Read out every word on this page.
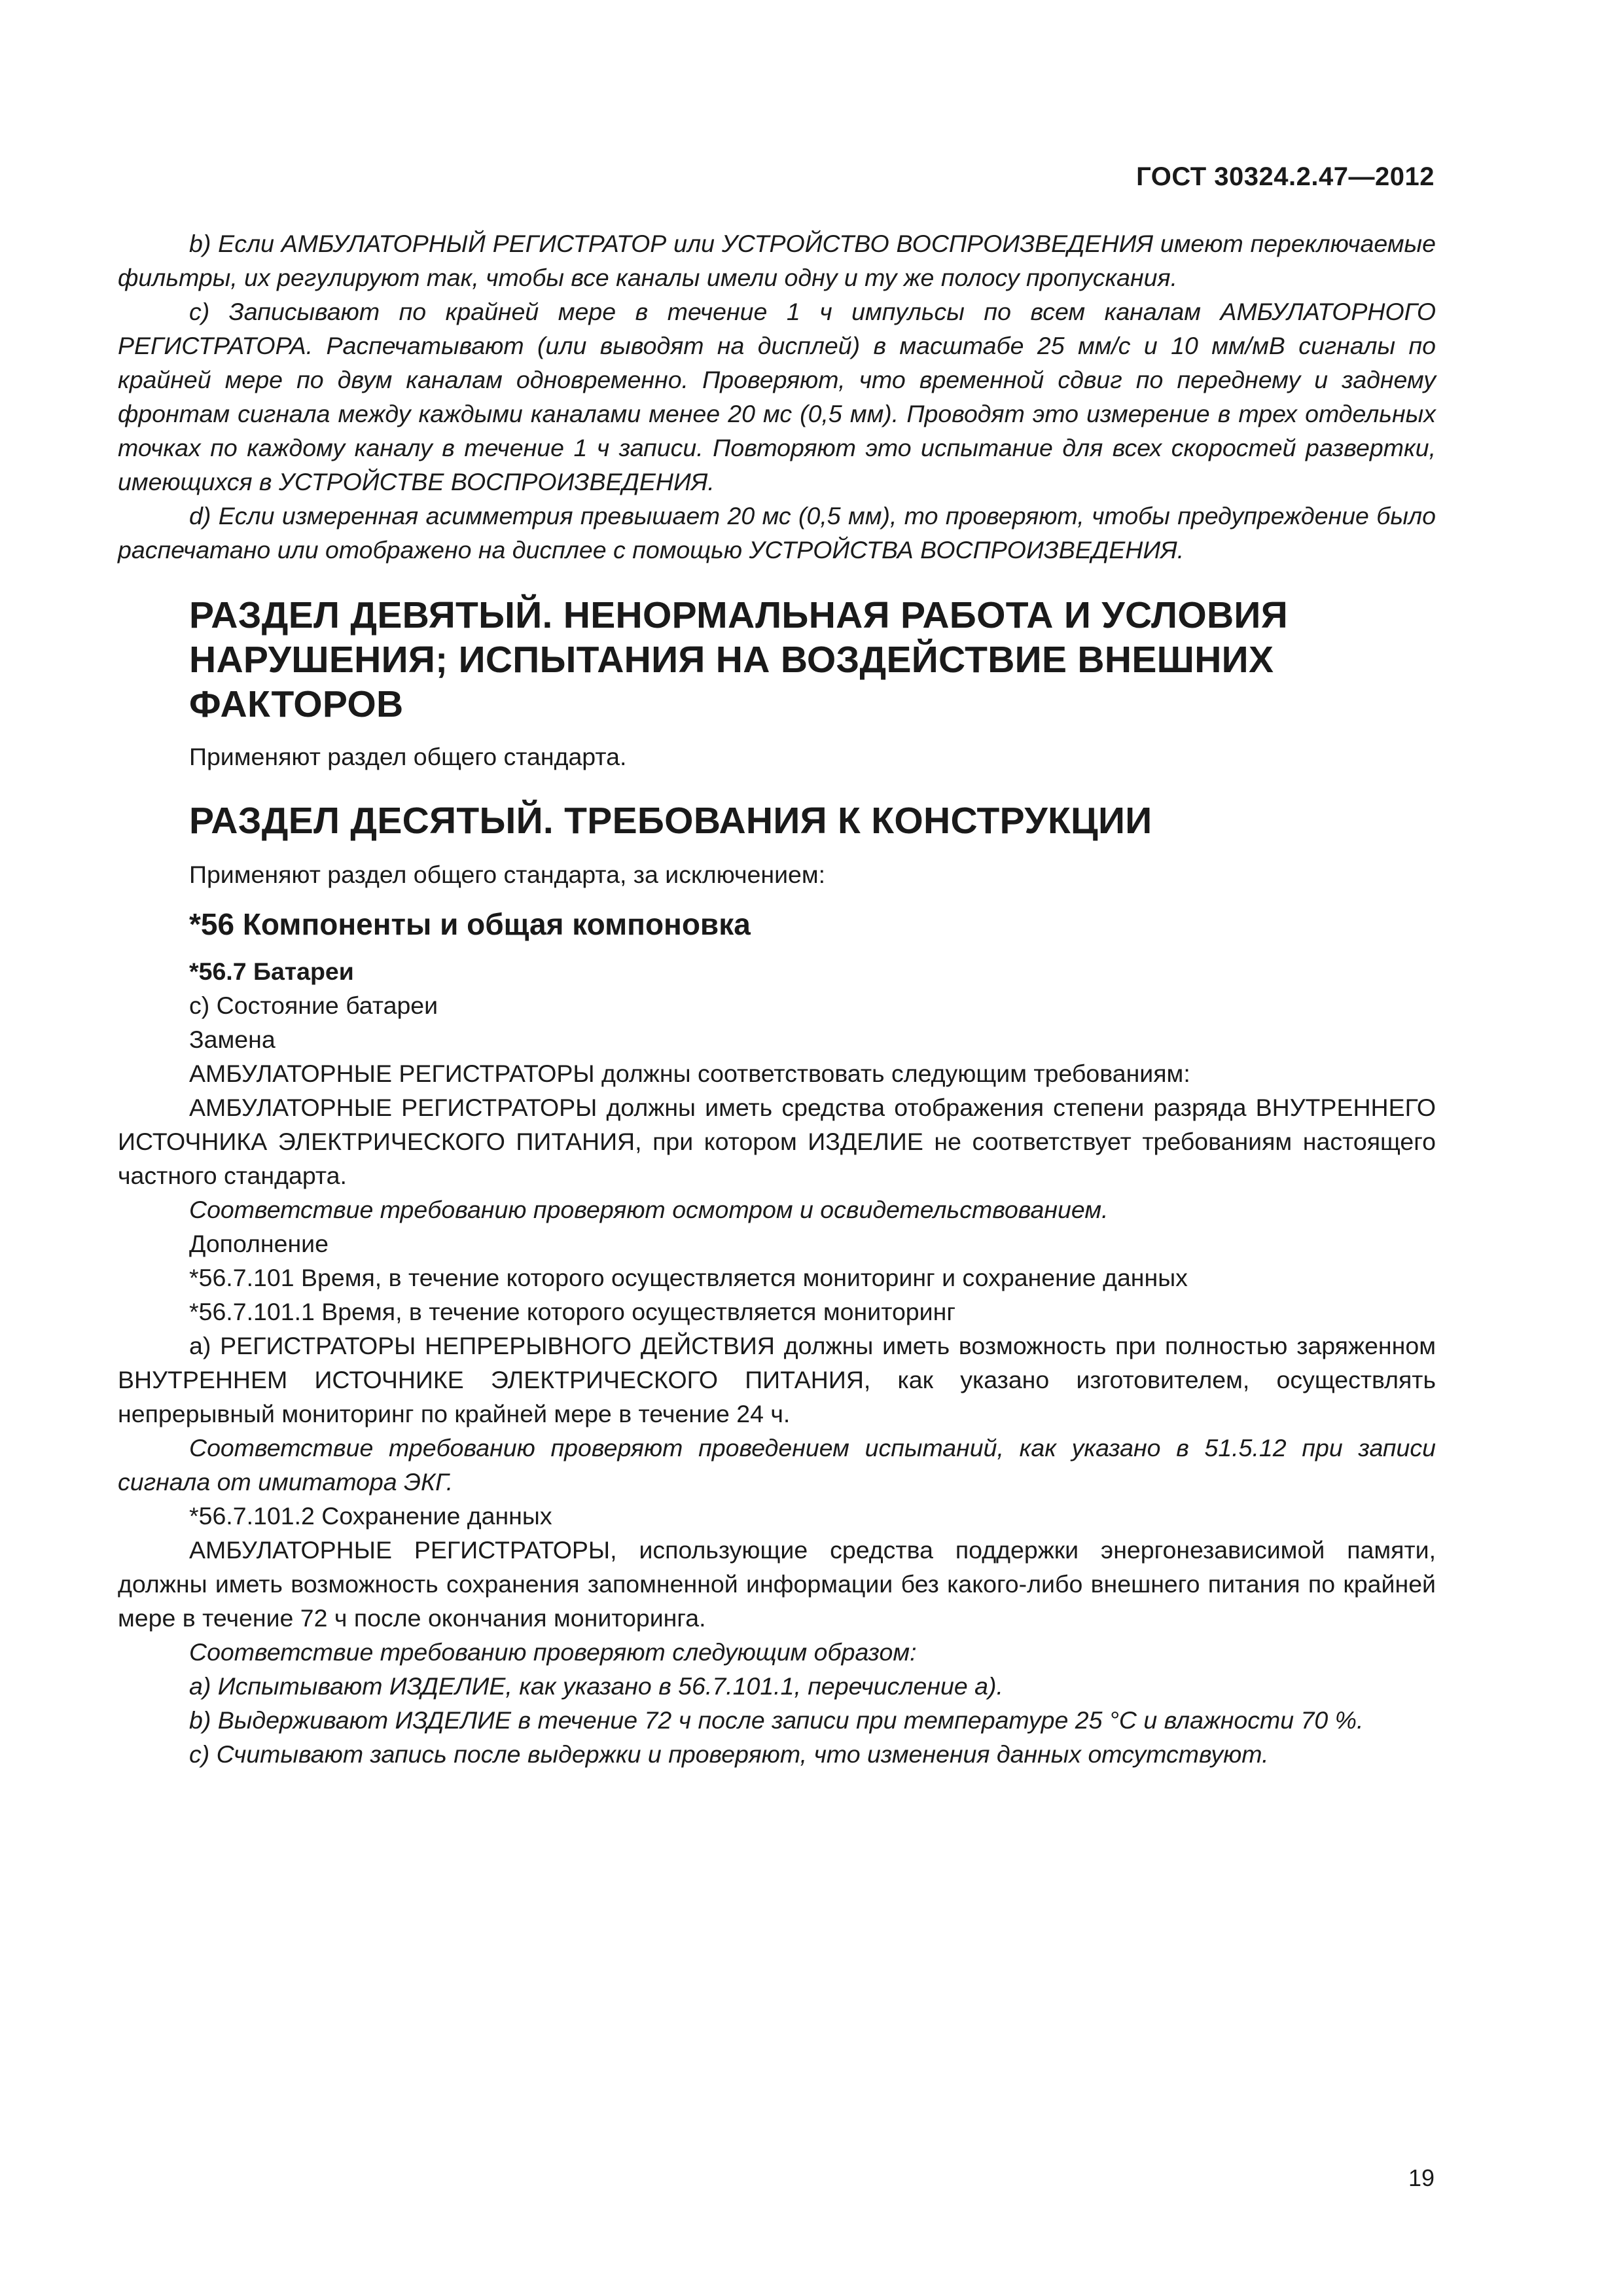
ГОСТ 30324.2.47—2012

b) Если АМБУЛАТОРНЫЙ РЕГИСТРАТОР или УСТРОЙСТВО ВОСПРОИЗВЕДЕНИЯ имеют переключаемые фильтры, их регулируют так, чтобы все каналы имели одну и ту же полосу пропускания.

c) Записывают по крайней мере в течение 1 ч импульсы по всем каналам АМБУЛАТОРНОГО РЕГИСТРАТОРА. Распечатывают (или выводят на дисплей) в масштабе 25 мм/с и 10 мм/мВ сигналы по крайней мере по двум каналам одновременно. Проверяют, что временной сдвиг по переднему и заднему фронтам сигнала между каждыми каналами менее 20 мс (0,5 мм). Проводят это измерение в трех отдельных точках по каждому каналу в течение 1 ч записи. Повторяют это испытание для всех скоростей развертки, имеющихся в УСТРОЙСТВЕ ВОСПРОИЗВЕДЕНИЯ.

d) Если измеренная асимметрия превышает 20 мс (0,5 мм), то проверяют, чтобы предупреждение было распечатано или отображено на дисплее с помощью УСТРОЙСТВА ВОСПРОИЗВЕДЕНИЯ.

РАЗДЕЛ ДЕВЯТЫЙ. НЕНОРМАЛЬНАЯ РАБОТА И УСЛОВИЯ НАРУШЕНИЯ; ИСПЫТАНИЯ НА ВОЗДЕЙСТВИЕ ВНЕШНИХ ФАКТОРОВ

Применяют раздел общего стандарта.

РАЗДЕЛ ДЕСЯТЫЙ. ТРЕБОВАНИЯ К КОНСТРУКЦИИ

Применяют раздел общего стандарта, за исключением:

*56 Компоненты и общая компоновка

*56.7 Батареи

c) Состояние батареи

Замена

АМБУЛАТОРНЫЕ РЕГИСТРАТОРЫ должны соответствовать следующим требованиям:

АМБУЛАТОРНЫЕ РЕГИСТРАТОРЫ должны иметь средства отображения степени разряда ВНУТРЕННЕГО ИСТОЧНИКА ЭЛЕКТРИЧЕСКОГО ПИТАНИЯ, при котором ИЗДЕЛИЕ не соответствует требованиям настоящего частного стандарта.

Соответствие требованию проверяют осмотром и освидетельствованием.

Дополнение

*56.7.101 Время, в течение которого осуществляется мониторинг и сохранение данных

*56.7.101.1 Время, в течение которого осуществляется мониторинг

a) РЕГИСТРАТОРЫ НЕПРЕРЫВНОГО ДЕЙСТВИЯ должны иметь возможность при полностью заряженном ВНУТРЕННЕМ ИСТОЧНИКЕ ЭЛЕКТРИЧЕСКОГО ПИТАНИЯ, как указано изготовителем, осуществлять непрерывный мониторинг по крайней мере в течение 24 ч.

Соответствие требованию проверяют проведением испытаний, как указано в 51.5.12 при записи сигнала от имитатора ЭКГ.

*56.7.101.2 Сохранение данных

АМБУЛАТОРНЫЕ РЕГИСТРАТОРЫ, использующие средства поддержки энергонезависимой памяти, должны иметь возможность сохранения запомненной информации без какого-либо внешнего питания по крайней мере в течение 72 ч после окончания мониторинга.

Соответствие требованию проверяют следующим образом:

a) Испытывают ИЗДЕЛИЕ, как указано в 56.7.101.1, перечисление а).

b) Выдерживают ИЗДЕЛИЕ в течение 72 ч после записи при температуре 25 °С и влажности 70 %.

c) Считывают запись после выдержки и проверяют, что изменения данных отсутствуют.

19
